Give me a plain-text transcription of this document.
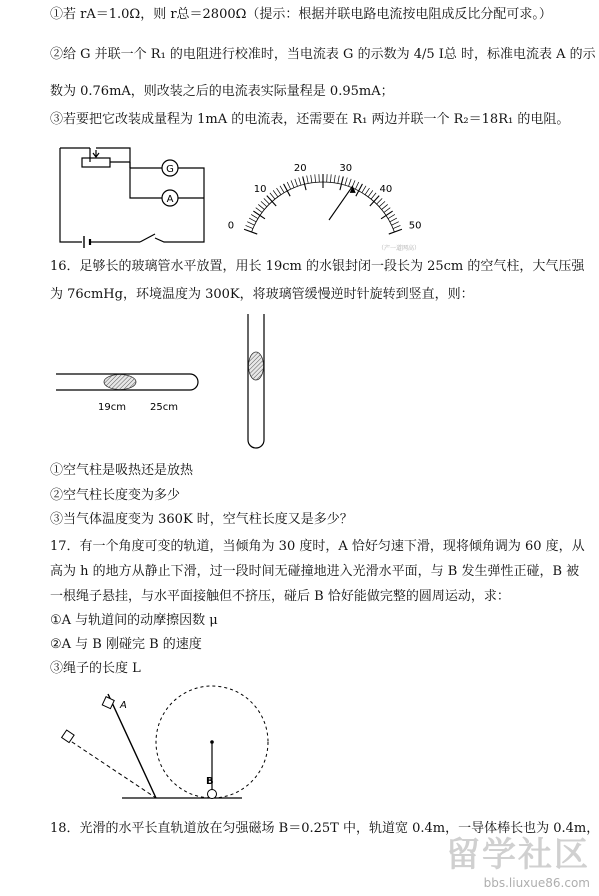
①若 rA＝1.0Ω，则 r总＝2800Ω（提示：根据并联电路电流按电阻成反比分配可求。）
②给 G 并联一个 R₁ 的电阻进行校准时，当电流表 G 的示数为 4/5 I总 时，标准电流表 A 的示
数为 0.76mA，则改装之后的电流表实际量程是 0.95mA；
③若要把它改装成量程为 1mA 的电流表，还需要在 R₁ 两边并联一个 R₂＝18R₁ 的电阻。
G
A
0
10
20	30
40
50
（产一道网高）
16．足够长的玻璃管水平放置，用长 19cm 的水银封闭一段长为 25cm 的空气柱，大气压强
为 76cmHg，环境温度为 300K，将玻璃管缓慢逆时针旋转到竖直，则：
19cm 25cm
①空气柱是吸热还是放热
②空气柱长度变为多少
③当气体温度变为 360K 时，空气柱长度又是多少？
17．有一个角度可变的轨道，当倾角为 30 度时，A 恰好匀速下滑，现将倾角调为 60 度，从
高为 h 的地方从静止下滑，过一段时间无碰撞地进入光滑水平面，与 B 发生弹性正碰，B 被
一根绳子悬挂，与水平面接触但不挤压，碰后 B 恰好能做完整的圆周运动，求：
①A 与轨道间的动摩擦因数 μ
②A 与 B 刚碰完 B 的速度
③绳子的长度 L
A
B
18．光滑的水平长直轨道放在匀强磁场 B＝0.25T 中，轨道宽 0.4m，一导体棒长也为 0.4m，
留学社区
bbs.liuxue86.com
